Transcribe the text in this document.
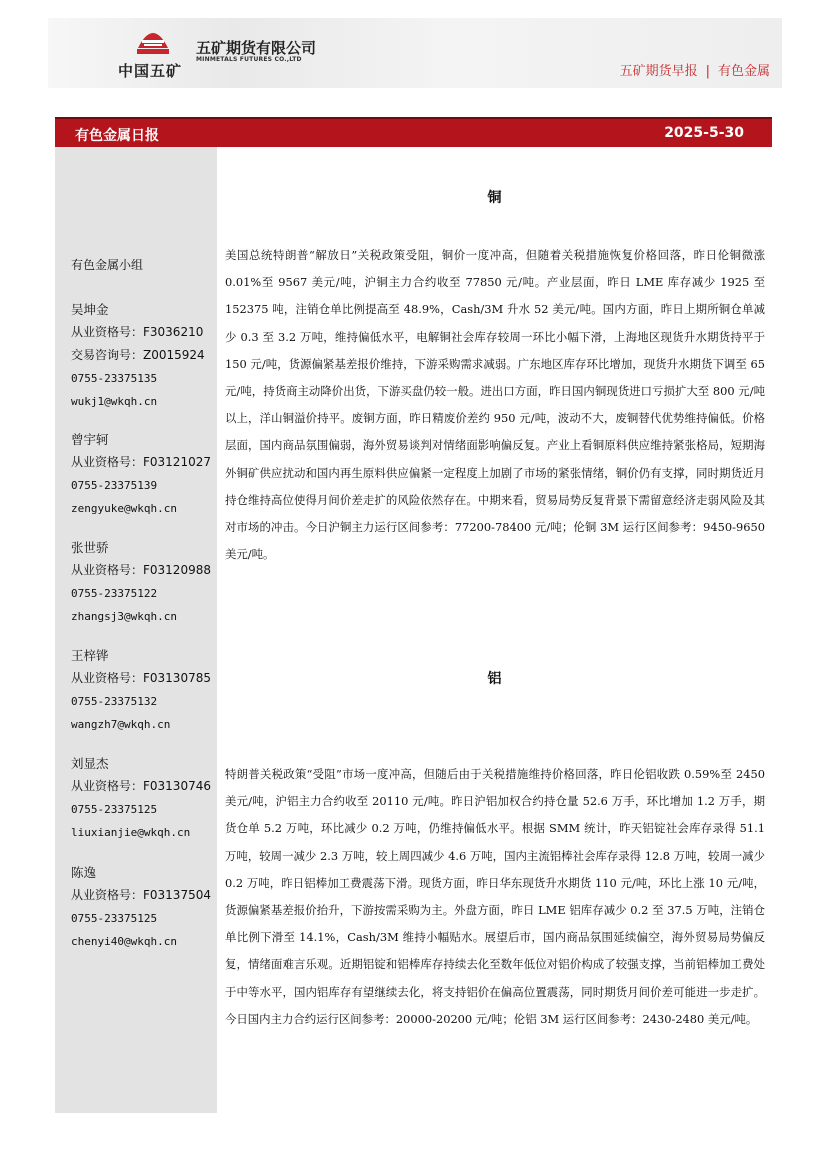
中国五矿
五矿期货有限公司
MINMETALS FUTURES CO.,LTD
五矿期货早报 | 有色金属
有色金属日报	2025-5-30
有色金属小组
吴坤金
从业资格号：F3036210
交易咨询号：Z0015924
0755-23375135
wukj1@wkqh.cn
曾宇轲
从业资格号：F03121027
0755-23375139
zengyuke@wkqh.cn
张世骄
从业资格号：F03120988
0755-23375122
zhangsj3@wkqh.cn
王梓铧
从业资格号：F03130785
0755-23375132
wangzh7@wkqh.cn
刘显杰
从业资格号：F03130746
0755-23375125
liuxianjie@wkqh.cn
陈逸
从业资格号：F03137504
0755-23375125
chenyi40@wkqh.cn
铜

美国总统特朗普“解放日”关税政策受阻，铜价一度冲高，但随着关税措施恢复价格回落，昨日伦铜微涨 0.01%至 9567 美元/吨，沪铜主力合约收至 77850 元/吨。产业层面，昨日 LME 库存减少 1925 至 152375 吨，注销仓单比例提高至 48.9%，Cash/3M 升水 52 美元/吨。国内方面，昨日上期所铜仓单减少 0.3 至 3.2 万吨，维持偏低水平，电解铜社会库存较周一环比小幅下滑，上海地区现货升水期货持平于 150 元/吨，货源偏紧基差报价维持，下游采购需求减弱。广东地区库存环比增加，现货升水期货下调至 65 元/吨，持货商主动降价出货，下游买盘仍较一般。进出口方面，昨日国内铜现货进口亏损扩大至 800 元/吨以上，洋山铜溢价持平。废铜方面，昨日精废价差约 950 元/吨，波动不大，废铜替代优势维持偏低。价格层面，国内商品氛围偏弱，海外贸易谈判对情绪面影响偏反复。产业上看铜原料供应维持紧张格局，短期海外铜矿供应扰动和国内再生原料供应偏紧一定程度上加剧了市场的紧张情绪，铜价仍有支撑，同时期货近月持仓维持高位使得月间价差走扩的风险依然存在。中期来看，贸易局势反复背景下需留意经济走弱风险及其对市场的冲击。今日沪铜主力运行区间参考：77200-78400 元/吨；伦铜 3M 运行区间参考：9450-9650 美元/吨。

铝

特朗普关税政策“受阻”市场一度冲高，但随后由于关税措施维持价格回落，昨日伦铝收跌 0.59%至 2450 美元/吨，沪铝主力合约收至 20110 元/吨。昨日沪铝加权合约持仓量 52.6 万手，环比增加 1.2 万手，期货仓单 5.2 万吨，环比减少 0.2 万吨，仍维持偏低水平。根据 SMM 统计，昨天铝锭社会库存录得 51.1 万吨，较周一减少 2.3 万吨，较上周四减少 4.6 万吨，国内主流铝棒社会库存录得 12.8 万吨，较周一减少 0.2 万吨，昨日铝棒加工费震荡下滑。现货方面，昨日华东现货升水期货 110 元/吨，环比上涨 10 元/吨，货源偏紧基差报价抬升，下游按需采购为主。外盘方面，昨日 LME 铝库存减少 0.2 至 37.5 万吨，注销仓单比例下滑至 14.1%，Cash/3M 维持小幅贴水。展望后市，国内商品氛围延续偏空，海外贸易局势偏反复，情绪面难言乐观。近期铝锭和铝棒库存持续去化至数年低位对铝价构成了较强支撑，当前铝棒加工费处于中等水平，国内铝库存有望继续去化，将支持铝价在偏高位置震荡，同时期货月间价差可能进一步走扩。今日国内主力合约运行区间参考：20000-20200 元/吨；伦铝 3M 运行区间参考：2430-2480 美元/吨。
